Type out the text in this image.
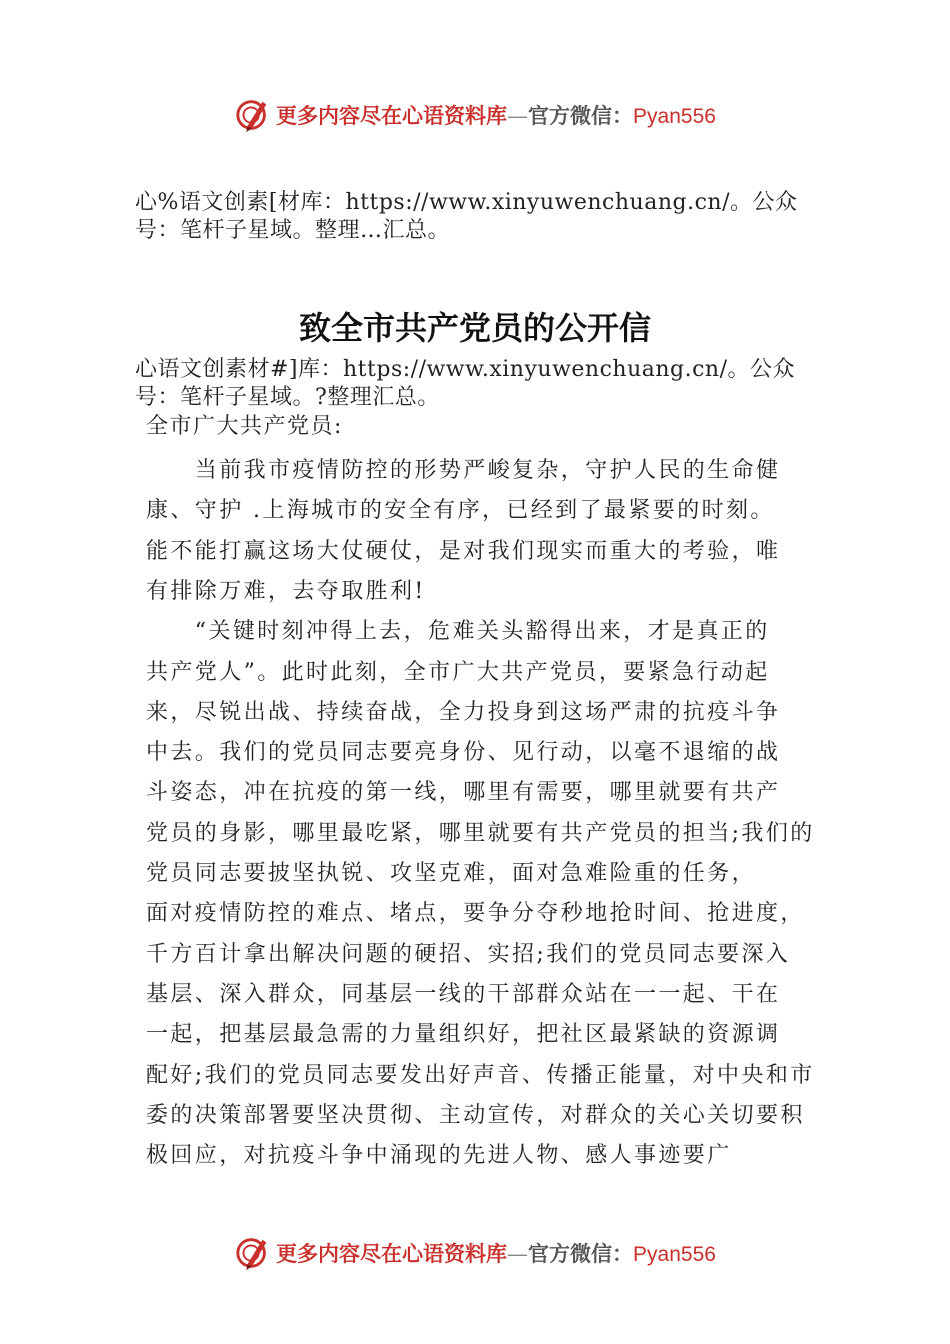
更多内容尽在心语资料库—官方微信：Pyan556
心%语文创素[材库：https://www.xinyuwenchuang.cn/。公众
号：笔杆子星域。整理…汇总。
致全市共产党员的公开信
心语文创素材#]库：https://www.xinyuwenchuang.cn/。公众
号：笔杆子星域。?整理汇总。
全市广大共产党员:
　　当前我市疫情防控的形势严峻复杂，守护人民的生命健
康、守护 .上海城市的安全有序，已经到了最紧要的时刻。
能不能打赢这场大仗硬仗，是对我们现实而重大的考验，唯
有排除万难，去夺取胜利!
　　“关键时刻冲得上去，危难关头豁得出来，才是真正的
共产党人”。此时此刻，全市广大共产党员，要紧急行动起
来，尽锐出战、持续奋战，全力投身到这场严肃的抗疫斗争
中去。我们的党员同志要亮身份、见行动，以毫不退缩的战
斗姿态，冲在抗疫的第一线，哪里有需要，哪里就要有共产
党员的身影，哪里最吃紧，哪里就要有共产党员的担当;我们的
党员同志要披坚执锐、攻坚克难，面对急难险重的任务，
面对疫情防控的难点、堵点，要争分夺秒地抢时间、抢进度，
千方百计拿出解决问题的硬招、实招;我们的党员同志要深入
基层、深入群众，同基层一线的干部群众站在一一起、干在
一起，把基层最急需的力量组织好，把社区最紧缺的资源调
配好;我们的党员同志要发出好声音、传播正能量，对中央和市
委的决策部署要坚决贯彻、主动宣传，对群众的关心关切要积
极回应，对抗疫斗争中涌现的先进人物、感人事迹要广
更多内容尽在心语资料库—官方微信：Pyan556
